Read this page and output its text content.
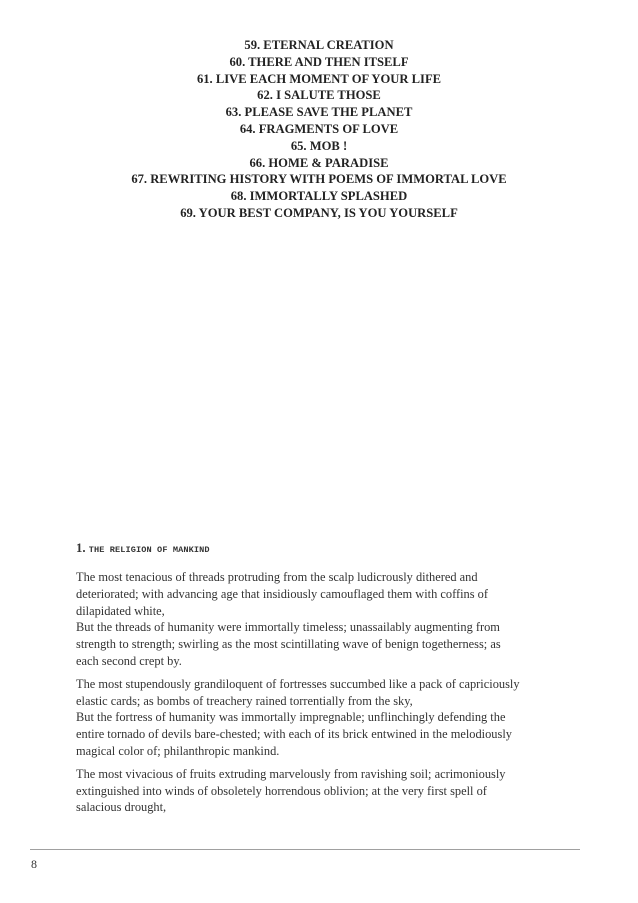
59. ETERNAL CREATION
60. THERE AND THEN ITSELF
61. LIVE EACH MOMENT OF YOUR LIFE
62. I SALUTE THOSE
63. PLEASE SAVE THE PLANET
64. FRAGMENTS OF LOVE
65. MOB !
66. HOME & PARADISE
67. REWRITING HISTORY WITH POEMS OF IMMORTAL LOVE
68. IMMORTALLY SPLASHED
69. YOUR BEST COMPANY, IS YOU YOURSELF
1. THE RELIGION OF MANKIND

The most tenacious of threads protruding from the scalp ludicrously dithered and
deteriorated; with advancing age that insidiously camouflaged them with coffins of
dilapidated white,
But the threads of humanity were immortally timeless; unassailably augmenting from
strength to strength; swirling as the most scintillating wave of benign togetherness; as
each second crept by.

The most stupendously grandiloquent of fortresses succumbed like a pack of capriciously
elastic cards; as bombs of treachery rained torrentially from the sky,
But the fortress of humanity was immortally impregnable; unflinchingly defending the
entire tornado of devils bare-chested; with each of its brick entwined in the melodiously
magical color of; philanthropic mankind.

The most vivacious of fruits extruding marvelously from ravishing soil; acrimoniously
extinguished into winds of obsoletely horrendous oblivion; at the very first spell of
salacious drought,

8
